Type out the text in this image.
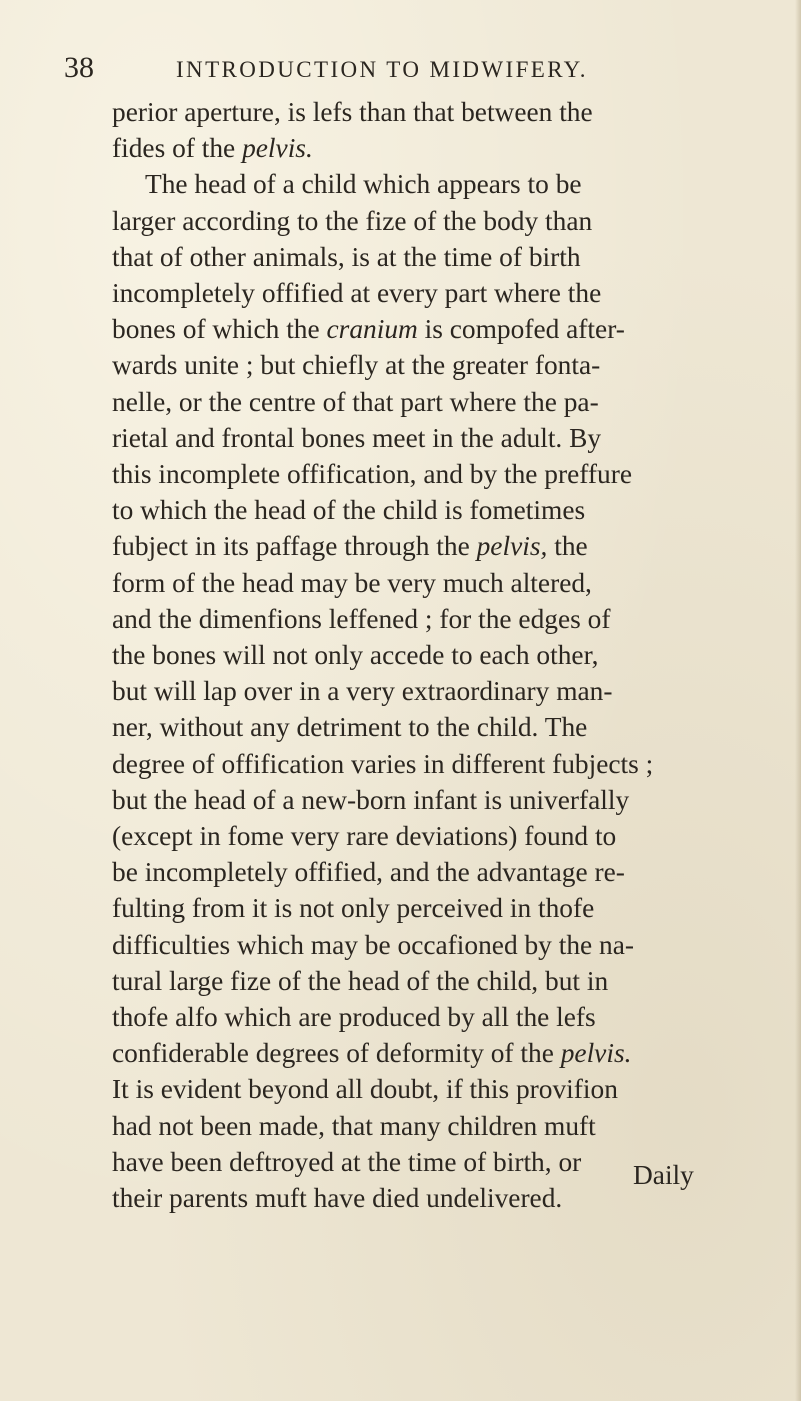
38	INTRODUCTION TO MIDWIFERY.
perior aperture, is lefs than that between the
fides of the pelvis.
The head of a child which appears to be
larger according to the fize of the body than
that of other animals, is at the time of birth
incompletely offified at every part where the
bones of which the cranium is compofed after-
wards unite ; but chiefly at the greater fonta-
nelle, or the centre of that part where the pa-
rietal and frontal bones meet in the adult. By
this incomplete offification, and by the preffure
to which the head of the child is fometimes
fubject in its paffage through the pelvis, the
form of the head may be very much altered,
and the dimenfions leffened ; for the edges of
the bones will not only accede to each other,
but will lap over in a very extraordinary man-
ner, without any detriment to the child. The
degree of offification varies in different fubjects ;
but the head of a new-born infant is univerfally
(except in fome very rare deviations) found to
be incompletely offified, and the advantage re-
fulting from it is not only perceived in thofe
difficulties which may be occafioned by the na-
tural large fize of the head of the child, but in
thofe alfo which are produced by all the lefs
confiderable degrees of deformity of the pelvis.
It is evident beyond all doubt, if this provifion
had not been made, that many children muft
have been deftroyed at the time of birth, or
their parents muft have died undelivered.
Daily
